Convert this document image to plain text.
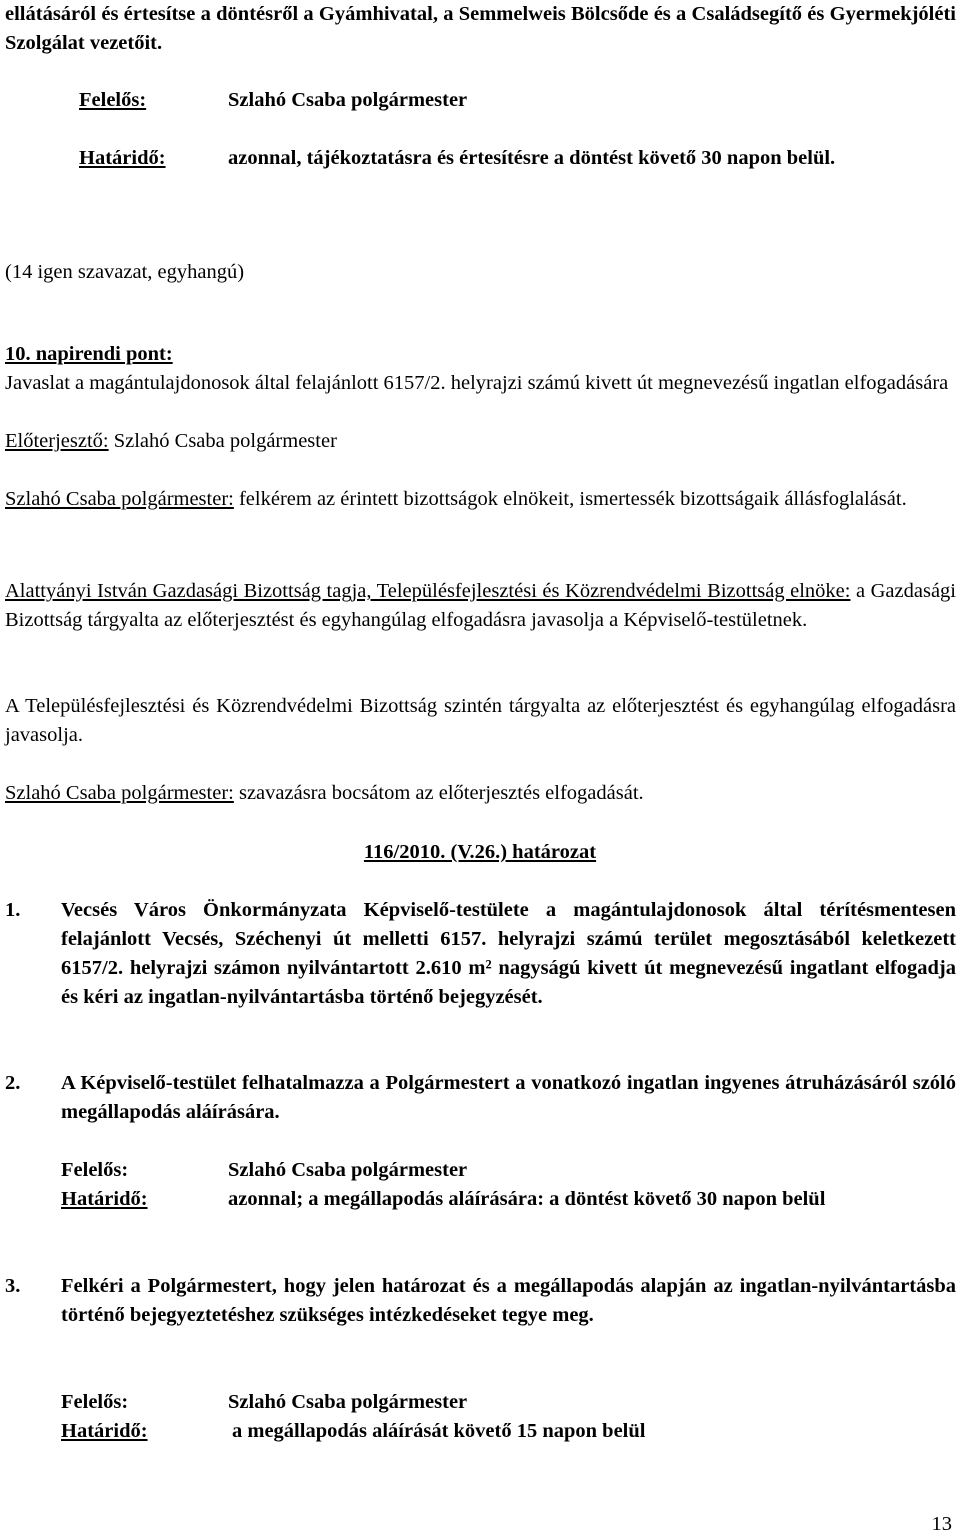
ellátásáról és értesítse a döntésről a Gyámhivatal, a Semmelweis Bölcsőde és a Családsegítő és Gyermekjóléti Szolgálat vezetőit.

Felelős:	Szlahó Csaba polgármester
Határidő:	azonnal, tájékoztatásra és értesítésre a döntést követő 30 napon belül.

(14 igen szavazat, egyhangú)
10. napirendi pont:

Javaslat a magántulajdonosok által felajánlott 6157/2. helyrajzi számú kivett út megnevezésű ingatlan elfogadására

Előterjesztő: Szlahó Csaba polgármester

Szlahó Csaba polgármester: felkérem az érintett bizottságok elnökeit, ismertessék bizottságaik állásfoglalását.

Alattyányi István Gazdasági Bizottság tagja, Településfejlesztési és Közrendvédelmi Bizottság elnöke: a Gazdasági Bizottság tárgyalta az előterjesztést és egyhangúlag elfogadásra javasolja a Képviselő-testületnek.

A Településfejlesztési és Közrendvédelmi Bizottság szintén tárgyalta az előterjesztést és egyhangúlag elfogadásra javasolja.

Szlahó Csaba polgármester: szavazásra bocsátom az előterjesztés elfogadását.

116/2010. (V.26.) határozat
1. Vecsés Város Önkormányzata Képviselő-testülete a magántulajdonosok által térítésmentesen felajánlott Vecsés, Széchenyi út melletti 6157. helyrajzi számú terület megosztásából keletkezett 6157/2. helyrajzi számon nyilvántartott 2.610 m² nagyságú kivett út megnevezésű ingatlant elfogadja és kéri az ingatlan-nyilvántartásba történő bejegyzését.

2. A Képviselő-testület felhatalmazza a Polgármestert a vonatkozó ingatlan ingyenes átruházásáról szóló megállapodás aláírására.

Felelős:	Szlahó Csaba polgármester
Határidő:	azonnal; a megállapodás aláírására: a döntést követő 30 napon belül

3. Felkéri a Polgármestert, hogy jelen határozat és a megállapodás alapján az ingatlan-nyilvántartásba történő bejegyeztetéshez szükséges intézkedéseket tegye meg.

Felelős:	Szlahó Csaba polgármester
Határidő:	a megállapodás aláírását követő 15 napon belül
13
